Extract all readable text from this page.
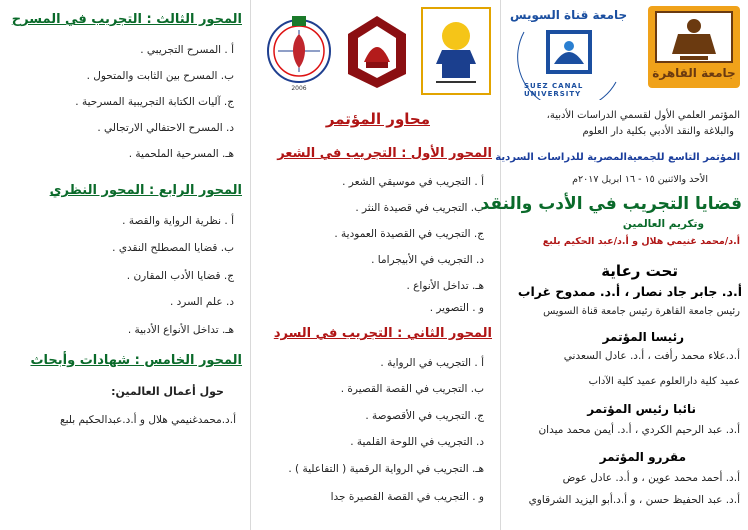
المحور الثالث : التجريب في المسرح
أ . المسرح التجريبي .
ب. المسرح بين الثابت والمتحول .
ج. آليات الكتابة التجريبية المسرحية .
د. المسرح الاحتفالي الارتجالي .
هـ. المسرحية الملحمية .
المحور الرابع : المحور النظري
أ . نظرية الرواية والقصة .
ب. قضايا المصطلح النقدي .
ج. قضايا الأدب المقارن .
د. علم السرد .
هـ. تداخل الأنواع الأدبية .
المحور الخامس : شهادات وأبحاث
حول أعمال العالمين:
أ.د.محمدغنيمي هلال و أ.د.عبدالحكيم بلبع
2006
محاور المؤتمر
المحور الأول : التجريب في الشعر
أ . التجريب في موسيقي الشعر .
ب. التجريب في قصيدة النثر .
ج. التجريب في القصيدة العمودية .
د. التجريب في الأبيجراما .
هـ. تداخل الأنواع .
و . التصوير .
المحور الثاني : التجريب في السرد
أ . التجريب في الرواية .
ب. التجريب في القصة القصيرة .
ج. التجريب في الأقصوصة .
د. التجريب في اللوحة القلمية .
هـ. التجريب في الرواية الرقمية ( التفاعلية ) .
و . التجريب في القصة القصيرة جدا
جامعة القاهرة
جامعة قناة السويس
SUEZ CANAL UNIVERSITY
المؤتمر العلمي الأول لقسمي الدراسات الأدبية،
والبلاغة والنقد الأدبي بكلية دار العلوم
المؤتمر التاسع للجمعيةالمصرية للدراسات السردية
الأحد والاثنين ١٥ - ١٦ ابريل ٢٠١٧م
قضايا التجريب في الأدب والنقد
وتكريم العالمين
أ.د/محمد غنيمي هلال و أ.د/عبد الحكيم بلبع
تحت رعاية
أ.د. جابر جاد نصار ، أ.د. ممدوح غراب
رئيس جامعة القاهرة رئيس جامعة قناة السويس
رئيسا المؤتمر
أ.د.علاء محمد رأفت ، أ.د. عادل السعدني
عميد كلية دارالعلوم عميد كلية الآداب
نائبا رئيس المؤتمر
أ.د. عبد الرحيم الكردي ، أ.د. أيمن محمد ميدان
مقررو المؤتمر
أ.د. أحمد محمد عوين ، و أ.د. عادل عوض
أ.د. عبد الحفيظ حسن ، و أ.د.أبو اليزيد الشرقاوي
